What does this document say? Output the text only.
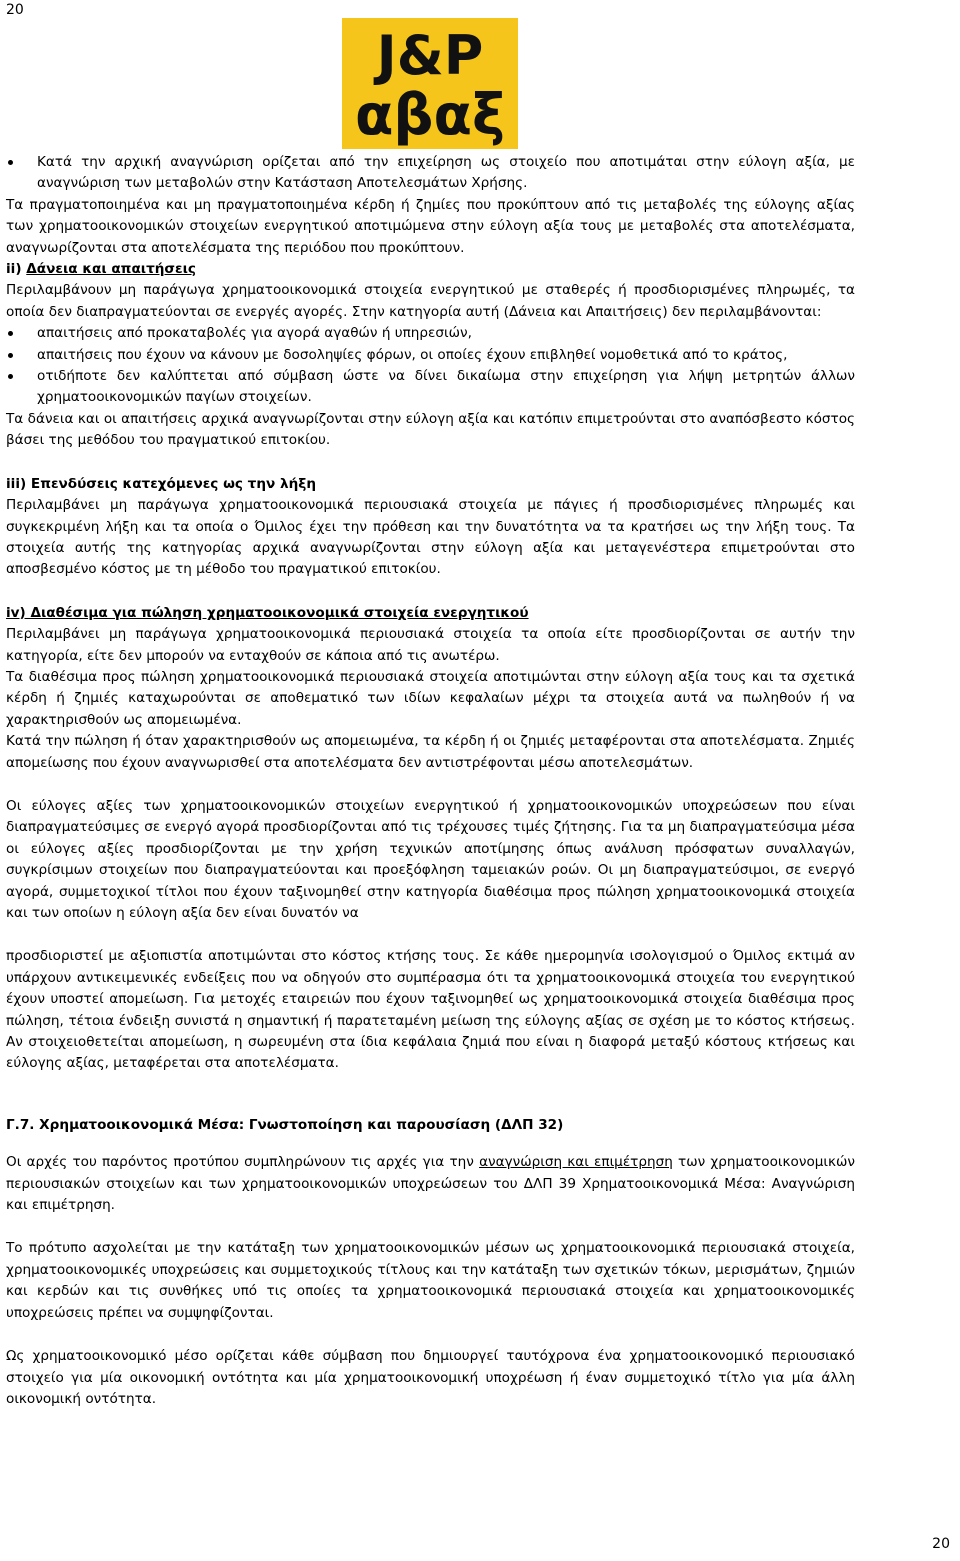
20
J&P
αβαξ

Κατά την αρχική αναγνώριση ορίζεται από την επιχείρηση ως στοιχείο που αποτιμάται στην εύλογη αξία, με αναγνώριση των μεταβολών στην Κατάσταση Αποτελεσμάτων Χρήσης.

Τα πραγματοποιημένα και μη πραγματοποιημένα κέρδη ή ζημίες που προκύπτουν από τις μεταβολές της εύλογης αξίας των χρηματοοικονομικών στοιχείων ενεργητικού αποτιμώμενα στην εύλογη αξία τους με μεταβολές στα αποτελέσματα, αναγνωρίζονται στα αποτελέσματα της περιόδου που προκύπτουν.

ii) Δάνεια και απαιτήσεις

Περιλαμβάνουν μη παράγωγα χρηματοοικονομικά στοιχεία ενεργητικού με σταθερές ή προσδιορισμένες πληρωμές, τα οποία δεν διαπραγματεύονται σε ενεργές αγορές. Στην κατηγορία αυτή (Δάνεια και Απαιτήσεις) δεν περιλαμβάνονται:

απαιτήσεις από προκαταβολές για αγορά αγαθών ή υπηρεσιών,

απαιτήσεις που έχουν να κάνουν με δοσοληψίες φόρων, οι οποίες έχουν επιβληθεί νομοθετικά από το κράτος,

οτιδήποτε δεν καλύπτεται από σύμβαση ώστε να δίνει δικαίωμα στην επιχείρηση για λήψη μετρητών άλλων χρηματοοικονομικών παγίων στοιχείων.

Τα δάνεια και οι απαιτήσεις αρχικά αναγνωρίζονται στην εύλογη αξία και κατόπιν επιμετρούνται στο αναπόσβεστο κόστος βάσει της μεθόδου του πραγματικού επιτοκίου.

iii) Επενδύσεις κατεχόμενες ως την λήξη

Περιλαμβάνει μη παράγωγα χρηματοοικονομικά περιουσιακά στοιχεία με πάγιες ή προσδιορισμένες πληρωμές και συγκεκριμένη λήξη και τα οποία ο Όμιλος έχει την πρόθεση και την δυνατότητα να τα κρατήσει ως την λήξη τους. Τα στοιχεία αυτής της κατηγορίας αρχικά αναγνωρίζονται στην εύλογη αξία και μεταγενέστερα επιμετρούνται στο αποσβεσμένο κόστος με τη μέθοδο του πραγματικού επιτοκίου.

iv) Διαθέσιμα για πώληση χρηματοοικονομικά στοιχεία ενεργητικού

Περιλαμβάνει μη παράγωγα χρηματοοικονομικά περιουσιακά στοιχεία τα οποία είτε προσδιορίζονται σε αυτήν την κατηγορία, είτε δεν μπορούν να ενταχθούν σε κάποια από τις ανωτέρω.

Τα διαθέσιμα προς πώληση χρηματοοικονομικά περιουσιακά στοιχεία αποτιμώνται στην εύλογη αξία τους και τα σχετικά κέρδη ή ζημιές καταχωρούνται σε αποθεματικό των ιδίων κεφαλαίων μέχρι τα στοιχεία αυτά να πωληθούν ή να χαρακτηρισθούν ως απομειωμένα.

Κατά την πώληση ή όταν χαρακτηρισθούν ως απομειωμένα, τα κέρδη ή οι ζημιές μεταφέρονται στα αποτελέσματα. Ζημιές απομείωσης που έχουν αναγνωρισθεί στα αποτελέσματα δεν αντιστρέφονται μέσω αποτελεσμάτων.

Οι εύλογες αξίες των χρηματοοικονομικών στοιχείων ενεργητικού ή χρηματοοικονομικών υποχρεώσεων που είναι διαπραγματεύσιμες σε ενεργό αγορά προσδιορίζονται από τις τρέχουσες τιμές ζήτησης. Για τα μη διαπραγματεύσιμα μέσα οι εύλογες αξίες προσδιορίζονται με την χρήση τεχνικών αποτίμησης όπως ανάλυση πρόσφατων συναλλαγών, συγκρίσιμων στοιχείων που διαπραγματεύονται και προεξόφληση ταμειακών ροών. Οι μη διαπραγματεύσιμοι, σε ενεργό αγορά, συμμετοχικοί τίτλοι που έχουν ταξινομηθεί στην κατηγορία διαθέσιμα προς πώληση χρηματοοικονομικά στοιχεία και των οποίων η εύλογη αξία δεν είναι δυνατόν να

προσδιοριστεί με αξιοπιστία αποτιμώνται στο κόστος κτήσης τους. Σε κάθε ημερομηνία ισολογισμού ο Όμιλος εκτιμά αν υπάρχουν αντικειμενικές ενδείξεις που να οδηγούν στο συμπέρασμα ότι τα χρηματοοικονομικά στοιχεία του ενεργητικού έχουν υποστεί απομείωση. Για μετοχές εταιρειών που έχουν ταξινομηθεί ως χρηματοοικονομικά στοιχεία διαθέσιμα προς πώληση, τέτοια ένδειξη συνιστά η σημαντική ή παρατεταμένη μείωση της εύλογης αξίας σε σχέση με το κόστος κτήσεως. Αν στοιχειοθετείται απομείωση, η σωρευμένη στα ίδια κεφάλαια ζημιά που είναι η διαφορά μεταξύ κόστους κτήσεως και εύλογης αξίας, μεταφέρεται στα αποτελέσματα.

Γ.7. Χρηματοοικονομικά Μέσα: Γνωστοποίηση και παρουσίαση (ΔΛΠ 32)

Οι αρχές του παρόντος προτύπου συμπληρώνουν τις αρχές για την αναγνώριση και επιμέτρηση των χρηματοοικονομικών περιουσιακών στοιχείων και των χρηματοοικονομικών υποχρεώσεων του ΔΛΠ 39 Χρηματοοικονομικά Μέσα: Αναγνώριση και επιμέτρηση.

Το πρότυπο ασχολείται με την κατάταξη των χρηματοοικονομικών μέσων ως χρηματοοικονομικά περιουσιακά στοιχεία, χρηματοοικονομικές υποχρεώσεις και συμμετοχικούς τίτλους και την κατάταξη των σχετικών τόκων, μερισμάτων, ζημιών και κερδών και τις συνθήκες υπό τις οποίες τα χρηματοοικονομικά περιουσιακά στοιχεία και χρηματοοικονομικές υποχρεώσεις πρέπει να συμψηφίζονται.

Ως χρηματοοικονομικό μέσο ορίζεται κάθε σύμβαση που δημιουργεί ταυτόχρονα ένα χρηματοοικονομικό περιουσιακό στοιχείο για μία οικονομική οντότητα και μία χρηματοοικονομική υποχρέωση ή έναν συμμετοχικό τίτλο για μία άλλη οικονομική οντότητα.

20
